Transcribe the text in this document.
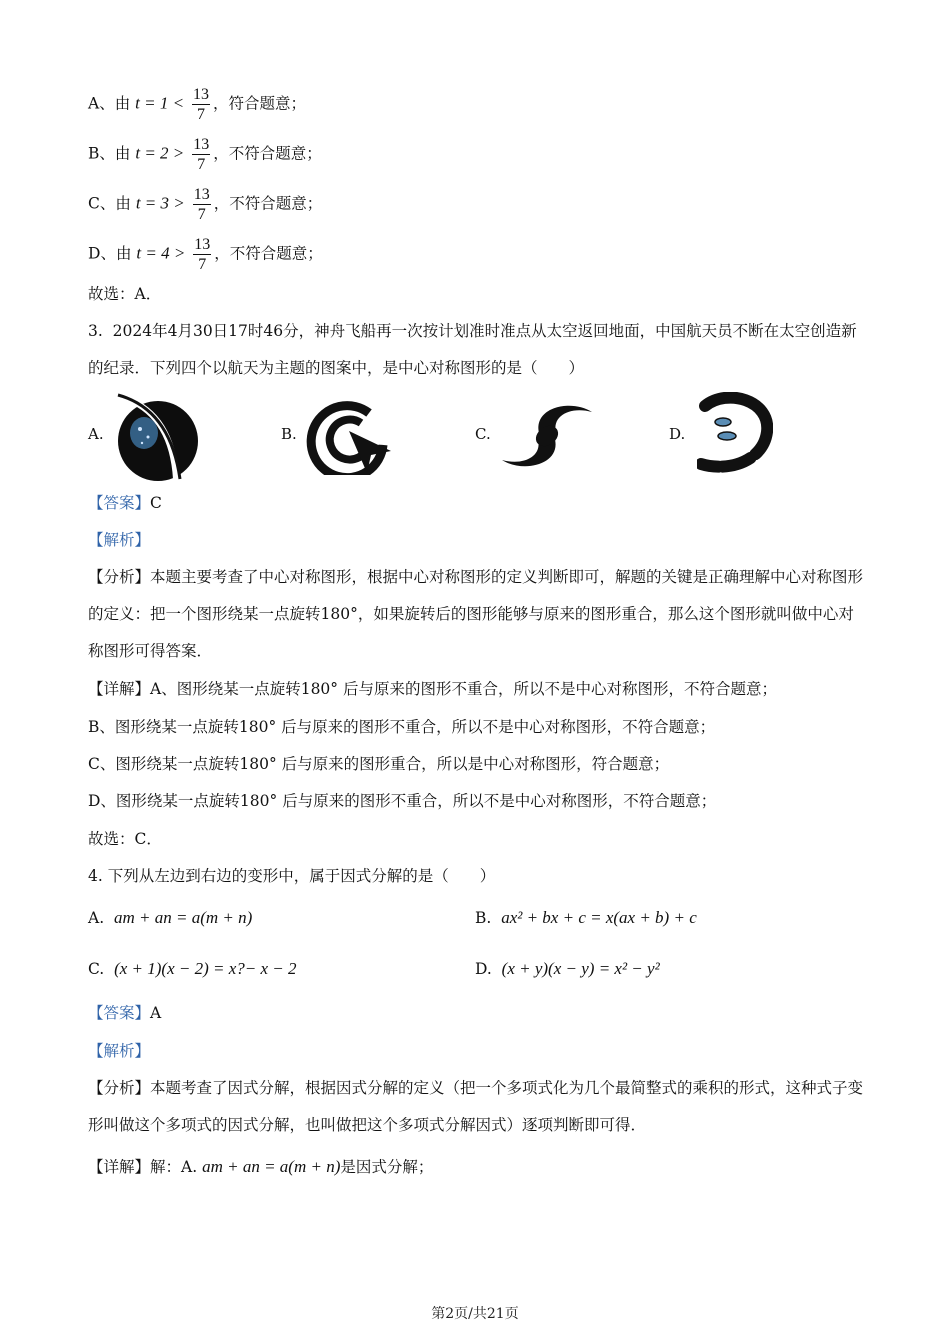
A、由 $t = 1 < \frac{13}{7}$ ，符合题意；
B、由 $t = 2 > \frac{13}{7}$ ，不符合题意；
C、由 $t = 3 > \frac{13}{7}$ ，不符合题意；
D、由 $t = 4 > \frac{13}{7}$ ，不符合题意；
故选：A．
3. 2024年4月30日17时46分，神舟飞船再一次按计划准时准点从太空返回地面，中国航天员不断在太空创造新的纪录．下列四个以航天为主题的图案中，是中心对称图形的是（　　）
A.	B.	C.	D.
【答案】C
【解析】
【分析】本题主要考查了中心对称图形，根据中心对称图形的定义判断即可，解题的关键是正确理解中心对称图形的定义：把一个图形绕某一点旋转180°，如果旋转后的图形能够与原来的图形重合，那么这个图形就叫做中心对称图形可得答案．
【详解】A、图形绕某一点旋转180° 后与原来的图形不重合，所以不是中心对称图形，不符合题意；
B、图形绕某一点旋转180° 后与原来的图形不重合，所以不是中心对称图形，不符合题意；
C、图形绕某一点旋转180° 后与原来的图形重合，所以是中心对称图形，符合题意；
D、图形绕某一点旋转180° 后与原来的图形不重合，所以不是中心对称图形，不符合题意；
故选：C．
4. 下列从左边到右边的变形中，属于因式分解的是（　　）
A. am + an = a(m + n)	B. ax² + bx + c = x(ax + b) + c
C. (x + 1)(x − 2) = x?− x − 2	D. (x + y)(x − y) = x² − y²
【答案】A
【解析】
【分析】本题考查了因式分解，根据因式分解的定义（把一个多项式化为几个最简整式的乘积的形式，这种式子变形叫做这个多项式的因式分解，也叫做把这个多项式分解因式）逐项判断即可得．
【详解】解：A. am + an = a(m + n)是因式分解；
第2页/共21页
